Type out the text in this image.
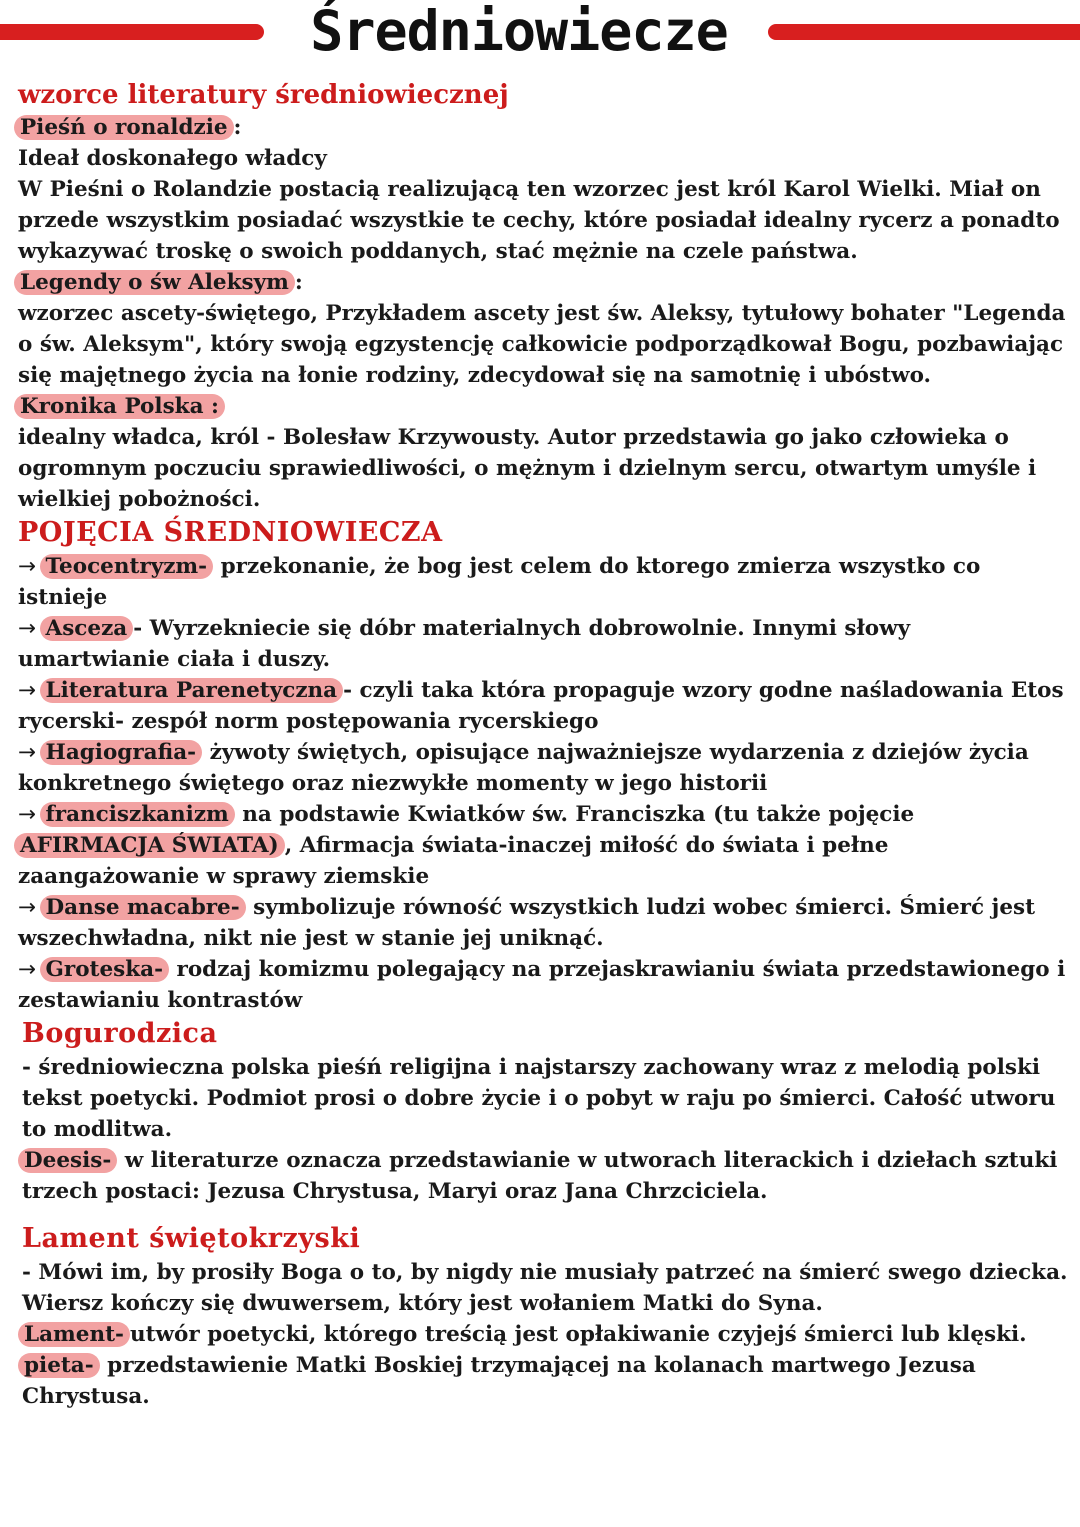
Średniowiecze
wzorce literatury średniowiecznej

Pieśń o ronaldzie :
Ideał doskonałego władcy
W Pieśni o Rolandzie postacią realizującą ten wzorzec jest król Karol Wielki. Miał on przede wszystkim posiadać wszystkie te cechy, które posiadał idealny rycerz a ponadto wykazywać troskę o swoich poddanych, stać mężnie na czele państwa.

Legendy o św Aleksym :
wzorzec ascety-świętego, Przykładem ascety jest św. Aleksy, tytułowy bohater "Legenda o św. Aleksym", który swoją egzystencję całkowicie podporządkował Bogu, pozbawiając się majętnego życia na łonie rodziny, zdecydował się na samotnię i ubóstwo.

Kronika Polska :
idealny władca, król - Bolesław Krzywousty. Autor przedstawia go jako człowieka o ogromnym poczuciu sprawiedliwości, o mężnym i dzielnym sercu, otwartym umyśle i wielkiej pobożności.

POJĘCIA ŚREDNIOWIECZA

→ Teocentryzm- przekonanie, że bog jest celem do ktorego zmierza wszystko co istnieje

→ Asceza - Wyrzekniecie się dóbr materialnych dobrowolnie. Innymi słowy umartwianie ciała i duszy.

→ Literatura Parenetyczna - czyli taka która propaguje wzory godne naśladowania Etos rycerski- zespół norm postępowania rycerskiego

→ Hagiografia- żywoty świętych, opisujące najważniejsze wydarzenia z dziejów życia konkretnego świętego oraz niezwykłe momenty w jego historii

→ franciszkanizm na podstawie Kwiatków św. Franciszka (tu także pojęcie
AFIRMACJA ŚWIATA) , Afirmacja świata-inaczej miłość do świata i pełne zaangażowanie w sprawy ziemskie

→ Danse macabre- symbolizuje równość wszystkich ludzi wobec śmierci. Śmierć jest wszechwładna, nikt nie jest w stanie jej uniknąć.

→ Groteska- rodzaj komizmu polegający na przejaskrawianiu świata przedstawionego i zestawianiu kontrastów

Bogurodzica

- średniowieczna polska pieśń religijna i najstarszy zachowany wraz z melodią polski tekst poetycki. Podmiot prosi o dobre życie i o pobyt w raju po śmierci. Całość utworu to modlitwa.

Deesis- w literaturze oznacza przedstawianie w utworach literackich i dziełach sztuki trzech postaci: Jezusa Chrystusa, Maryi oraz Jana Chrzciciela.

Lament świętokrzyski

- Mówi im, by prosiły Boga o to, by nigdy nie musiały patrzeć na śmierć swego dziecka. Wiersz kończy się dwuwersem, który jest wołaniem Matki do Syna.

Lament- utwór poetycki, którego treścią jest opłakiwanie czyjejś śmierci lub klęski.

pieta- przedstawienie Matki Boskiej trzymającej na kolanach martwego Jezusa Chrystusa.
